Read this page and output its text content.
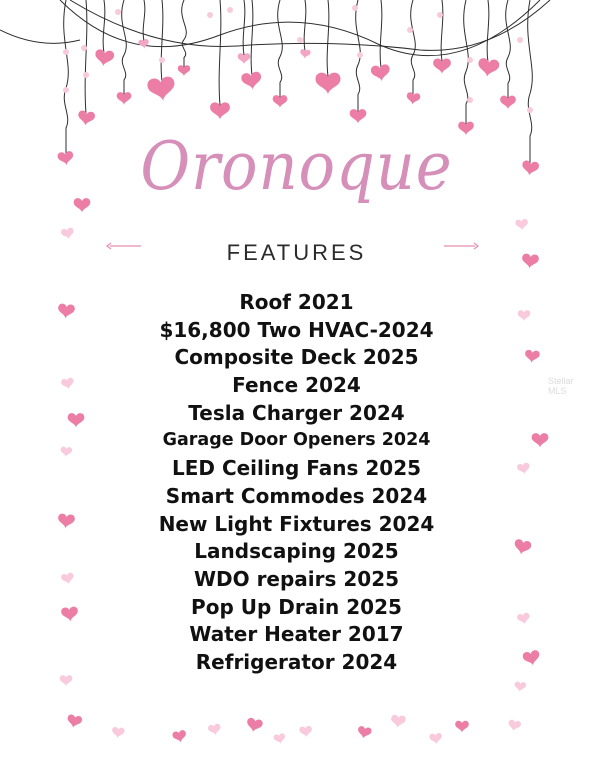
Oronoque
FEATURES
Stellar MLS
Roof 2021
$16,800 Two HVAC-2024
Composite Deck 2025
Fence 2024
Tesla Charger 2024
Garage Door Openers 2024
LED Ceiling Fans 2025
Smart Commodes 2024
New Light Fixtures 2024
Landscaping 2025
WDO repairs 2025
Pop Up Drain 2025
Water Heater 2017
Refrigerator 2024
